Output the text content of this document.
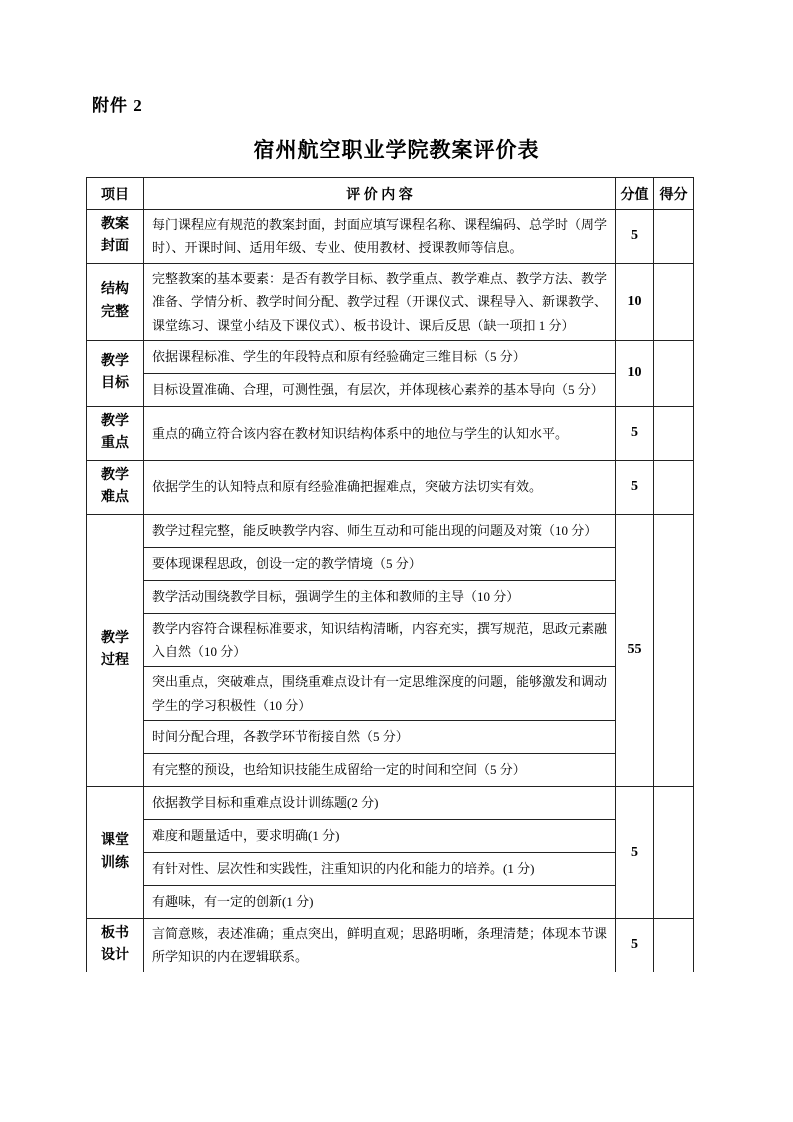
附件 2
宿州航空职业学院教案评价表
项目	评 价 内 容	分值	得分

教案
封面	每门课程应有规范的教案封面，封面应填写课程名称、课程编码、总学时（周学时）、开课时间、适用年级、专业、使用教材、授课教师等信息。	5	

结构
完整	完整教案的基本要素：是否有教学目标、教学重点、教学难点、教学方法、教学准备、学情分析、教学时间分配、教学过程（开课仪式、课程导入、新课教学、课堂练习、课堂小结及下课仪式）、板书设计、课后反思（缺一项扣 1 分）	10	

教学
目标	依据课程标准、学生的年段特点和原有经验确定三维目标（5 分）	10	
	目标设置准确、合理，可测性强，有层次，并体现核心素养的基本导向（5 分）		

教学
重点	重点的确立符合该内容在教材知识结构体系中的地位与学生的认知水平。	5	

教学
难点	依据学生的认知特点和原有经验准确把握难点，突破方法切实有效。	5	

教学
过程	教学过程完整，能反映教学内容、师生互动和可能出现的问题及对策（10 分）	55	
	要体现课程思政，创设一定的教学情境（5 分）		
	教学活动围绕教学目标，强调学生的主体和教师的主导（10 分）		
	教学内容符合课程标准要求，知识结构清晰，内容充实，撰写规范，思政元素融入自然（10 分）		
	突出重点，突破难点，围绕重难点设计有一定思维深度的问题，能够激发和调动学生的学习积极性（10 分）		
	时间分配合理，各教学环节衔接自然（5 分）		
	有完整的预设，也给知识技能生成留给一定的时间和空间（5 分）		

课堂
训练	依据教学目标和重难点设计训练题(2 分)	5	
	难度和题量适中，要求明确(1 分)		
	有针对性、层次性和实践性，注重知识的内化和能力的培养。(1 分)		
	有趣味，有一定的创新(1 分)		

板书
设计	言简意赅，表述准确；重点突出，鲜明直观；思路明晰，条理清楚；体现本节课所学知识的内在逻辑联系。	5	
